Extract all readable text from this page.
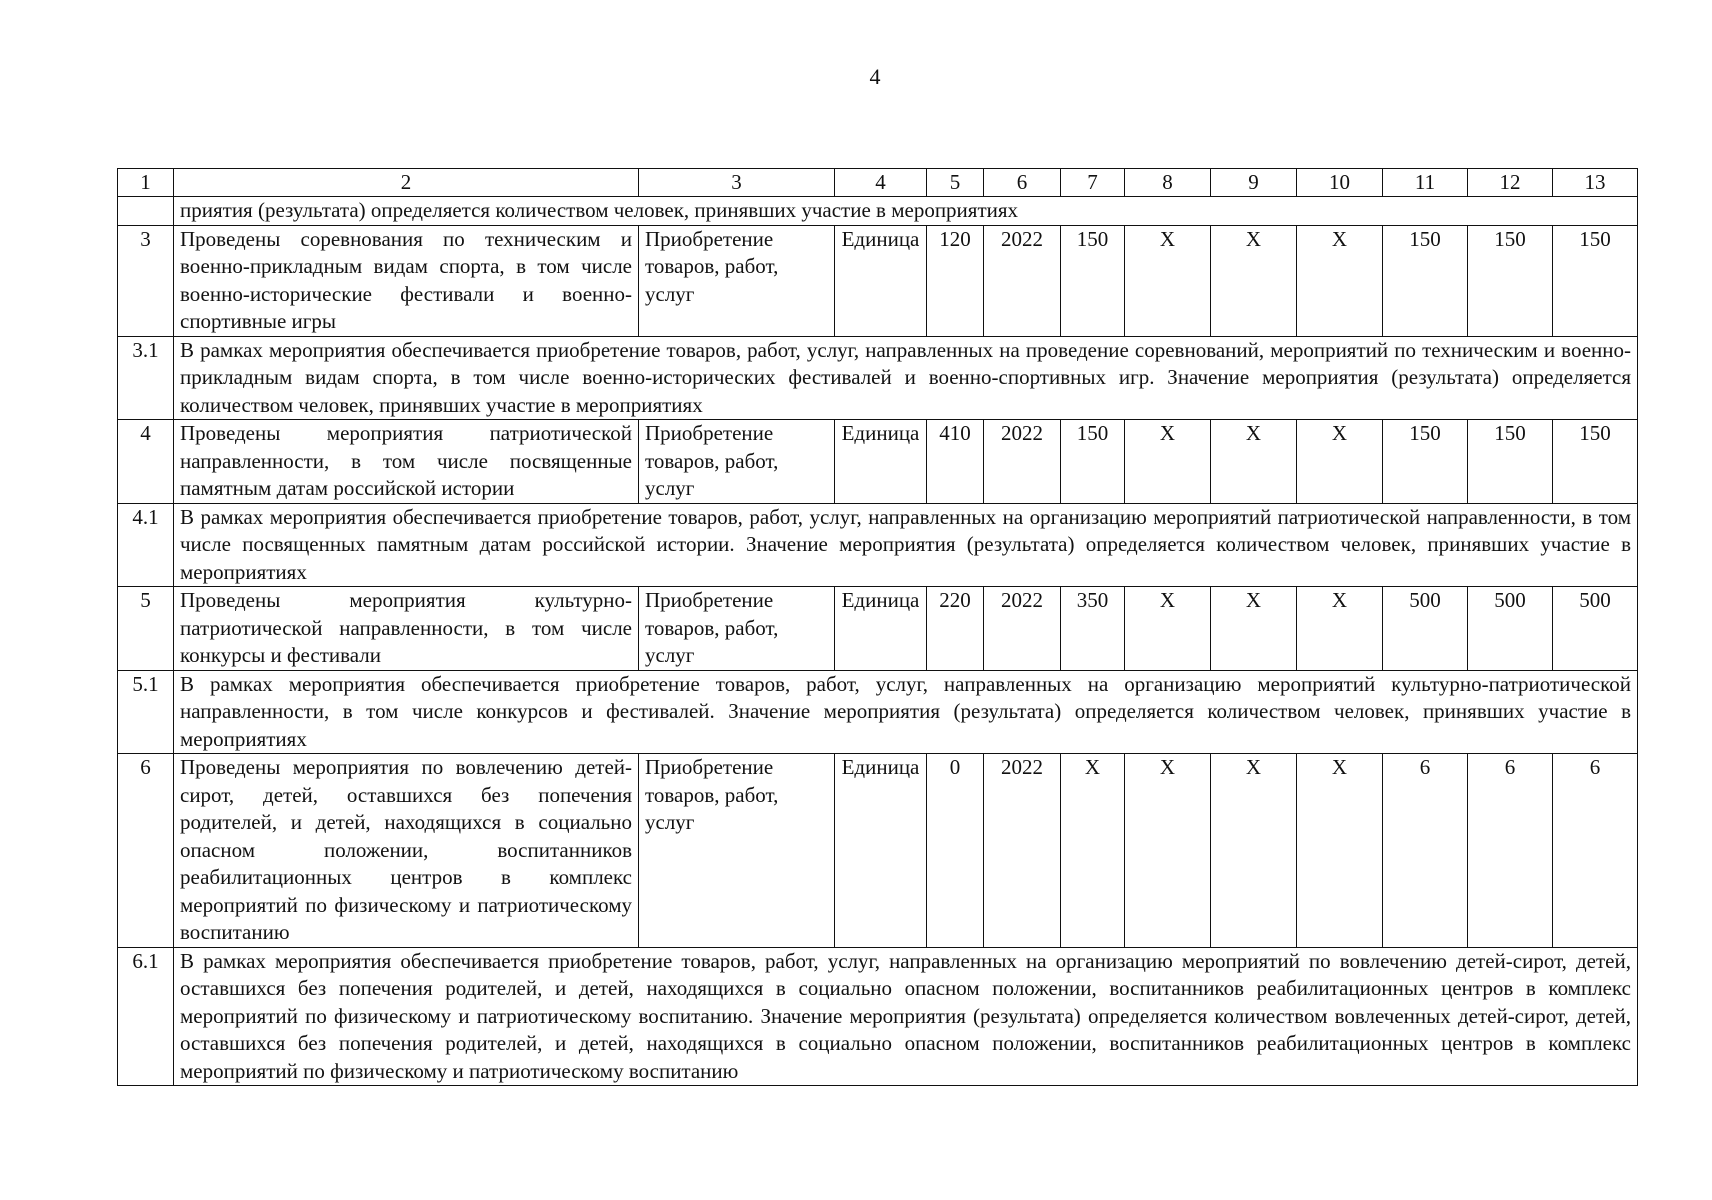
4
1	2	3	4	5	6	7	8	9	10	11	12	13
	приятия (результата) определяется количеством человек, принявших участие в мероприятиях											
3	Проведены соревнования по техническим и военно-прикладным видам спорта, в том числе военно-исторические фестивали и военно-спортивные игры	Приобретение товаров, работ, услуг	Единица	120	2022	150	X	X	X	150	150	150
3.1	В рамках мероприятия обеспечивается приобретение товаров, работ, услуг, направленных на проведение соревнований, мероприятий по техническим и военно-прикладным видам спорта, в том числе военно-исторических фестивалей и военно-спортивных игр. Значение мероприятия (результата) определяется количеством человек, принявших участие в мероприятиях											
4	Проведены мероприятия патриотической направленности, в том числе посвященные памятным датам российской истории	Приобретение товаров, работ, услуг	Единица	410	2022	150	X	X	X	150	150	150
4.1	В рамках мероприятия обеспечивается приобретение товаров, работ, услуг, направленных на организацию мероприятий патриотической направленности, в том числе посвященных памятным датам российской истории. Значение мероприятия (результата) определяется количеством человек, принявших участие в мероприятиях											
5	Проведены мероприятия культурно-патриотической направленности, в том числе конкурсы и фестивали	Приобретение товаров, работ, услуг	Единица	220	2022	350	X	X	X	500	500	500
5.1	В рамках мероприятия обеспечивается приобретение товаров, работ, услуг, направленных на организацию мероприятий культурно-патриотической направленности, в том числе конкурсов и фестивалей. Значение мероприятия (результата) определяется количеством человек, принявших участие в мероприятиях											
6	Проведены мероприятия по вовлечению детей-сирот, детей, оставшихся без попечения родителей, и детей, находящихся в социально опасном положении, воспитанников реабилитационных центров в комплекс мероприятий по физическому и патриотическому воспитанию	Приобретение товаров, работ, услуг	Единица	0	2022	X	X	X	X	6	6	6
6.1	В рамках мероприятия обеспечивается приобретение товаров, работ, услуг, направленных на организацию мероприятий по вовлечению детей-сирот, детей, оставшихся без попечения родителей, и детей, находящихся в социально опасном положении, воспитанников реабилитационных центров в комплекс мероприятий по физическому и патриотическому воспитанию. Значение мероприятия (результата) определяется количеством вовлеченных детей-сирот, детей, оставшихся без попечения родителей, и детей, находящихся в социально опасном положении, воспитанников реабилитационных центров в комплекс мероприятий по физическому и патриотическому воспитанию											
